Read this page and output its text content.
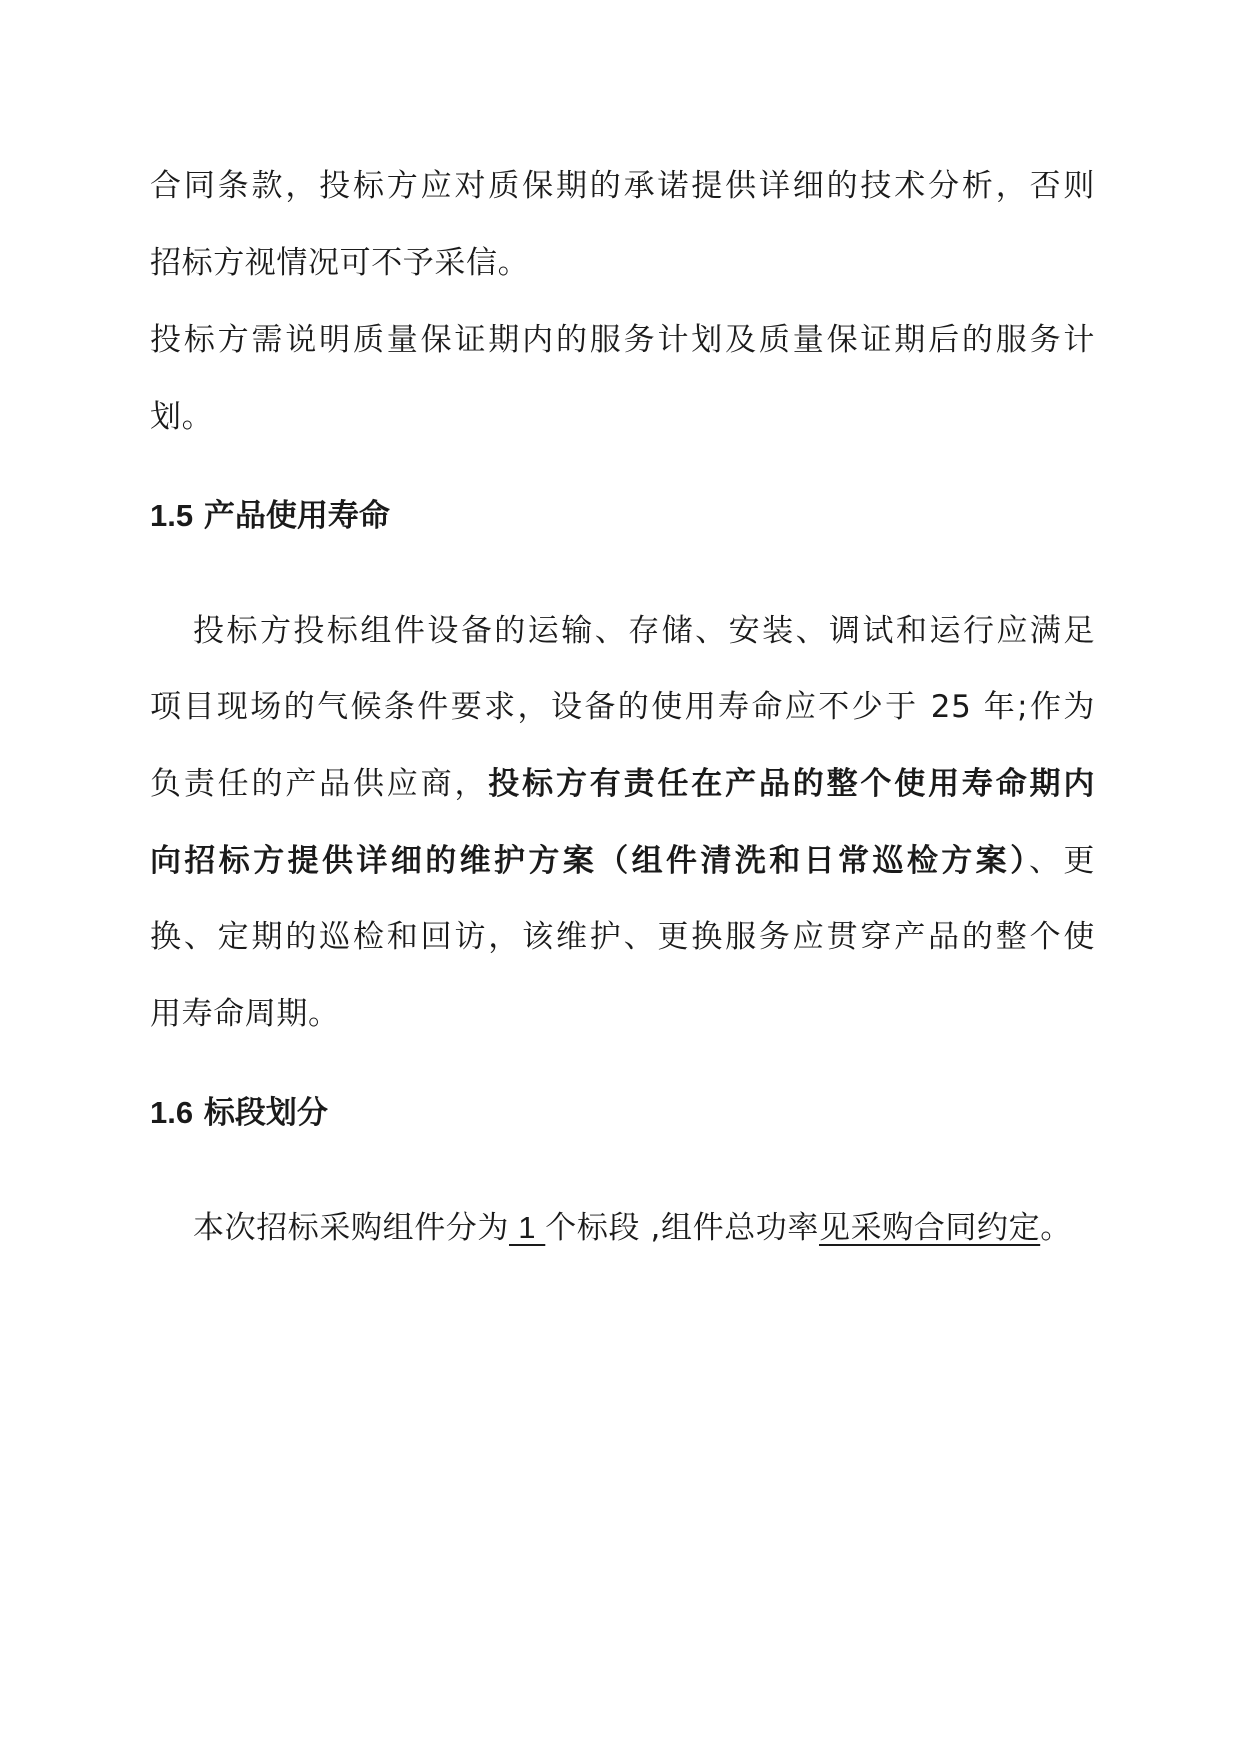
合同条款，投标方应对质保期的承诺提供详细的技术分析，否则
招标方视情况可不予采信。
投标方需说明质量保证期内的服务计划及质量保证期后的服务计
划。
1.5 产品使用寿命
投标方投标组件设备的运输、存储、安装、调试和运行应满足
项目现场的气候条件要求，设备的使用寿命应不少于 25 年;作为
负责任的产品供应商，投标方有责任在产品的整个使用寿命期内
向招标方提供详细的维护方案（组件清洗和日常巡检方案）、更
换、定期的巡检和回访，该维护、更换服务应贯穿产品的整个使
用寿命周期。
1.6 标段划分
本次招标采购组件分为 1 个标段 ,组件总功率见采购合同约定。
